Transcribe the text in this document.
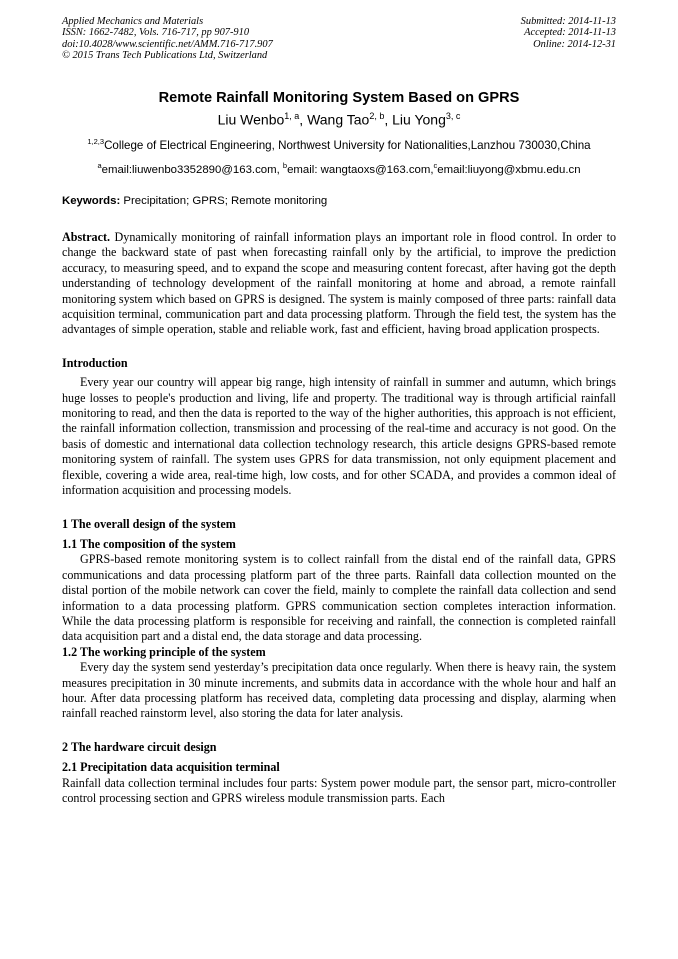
Applied Mechanics and Materials
ISSN: 1662-7482, Vols. 716-717, pp 907-910
doi:10.4028/www.scientific.net/AMM.716-717.907
© 2015 Trans Tech Publications Ltd, Switzerland
Submitted: 2014-11-13
Accepted: 2014-11-13
Online: 2014-12-31
Remote Rainfall Monitoring System Based on GPRS
Liu Wenbo$^{1, a}$, Wang Tao$^{2, b}$, Liu Yong$^{3, c}$
$^{1,2,3}$College of Electrical Engineering, Northwest University for Nationalities,Lanzhou 730030,China
$^a$email:liuwenbo3352890@163.com, $^b$email: wangtaoxs@163.com,$^c$email:liuyong@xbmu.edu.cn
Keywords: Precipitation; GPRS; Remote monitoring

Abstract. Dynamically monitoring of rainfall information plays an important role in flood control. In order to change the backward state of past when forecasting rainfall only by the artificial, to improve the prediction accuracy, to measuring speed, and to expand the scope and measuring content forecast, after having got the depth understanding of technology development of the rainfall monitoring at home and abroad, a remote rainfall monitoring system which based on GPRS is designed. The system is mainly composed of three parts: rainfall data acquisition terminal, communication part and data processing platform. Through the field test, the system has the advantages of simple operation, stable and reliable work, fast and efficient, having broad application prospects.

Introduction

Every year our country will appear big range, high intensity of rainfall in summer and autumn, which brings huge losses to people's production and living, life and property. The traditional way is through artificial rainfall monitoring to read, and then the data is reported to the way of the higher authorities, this approach is not efficient, the rainfall information collection, transmission and processing of the real-time and accuracy is not good. On the basis of domestic and international data collection technology research, this article designs GPRS-based remote monitoring system of rainfall. The system uses GPRS for data transmission, not only equipment placement and flexible, covering a wide area, real-time high, low costs, and for other SCADA, and provides a common ideal of information acquisition and processing models.

1 The overall design of the system

1.1 The composition of the system

GPRS-based remote monitoring system is to collect rainfall from the distal end of the rainfall data, GPRS communications and data processing platform part of the three parts. Rainfall data collection mounted on the distal portion of the mobile network can cover the field, mainly to complete the rainfall data collection and send information to a data processing platform. GPRS communication section completes interaction information. While the data processing platform is responsible for receiving and rainfall, the connection is completed rainfall data acquisition part and a distal end, the data storage and data processing.

1.2 The working principle of the system

Every day the system send yesterday’s precipitation data once regularly. When there is heavy rain, the system measures precipitation in 30 minute increments, and submits data in accordance with the whole hour and half an hour. After data processing platform has received data, completing data processing and display, alarming when rainfall reached rainstorm level, also storing the data for later analysis.

2 The hardware circuit design

2.1 Precipitation data acquisition terminal

Rainfall data collection terminal includes four parts: System power module part, the sensor part, micro-controller control processing section and GPRS wireless module transmission parts. Each
